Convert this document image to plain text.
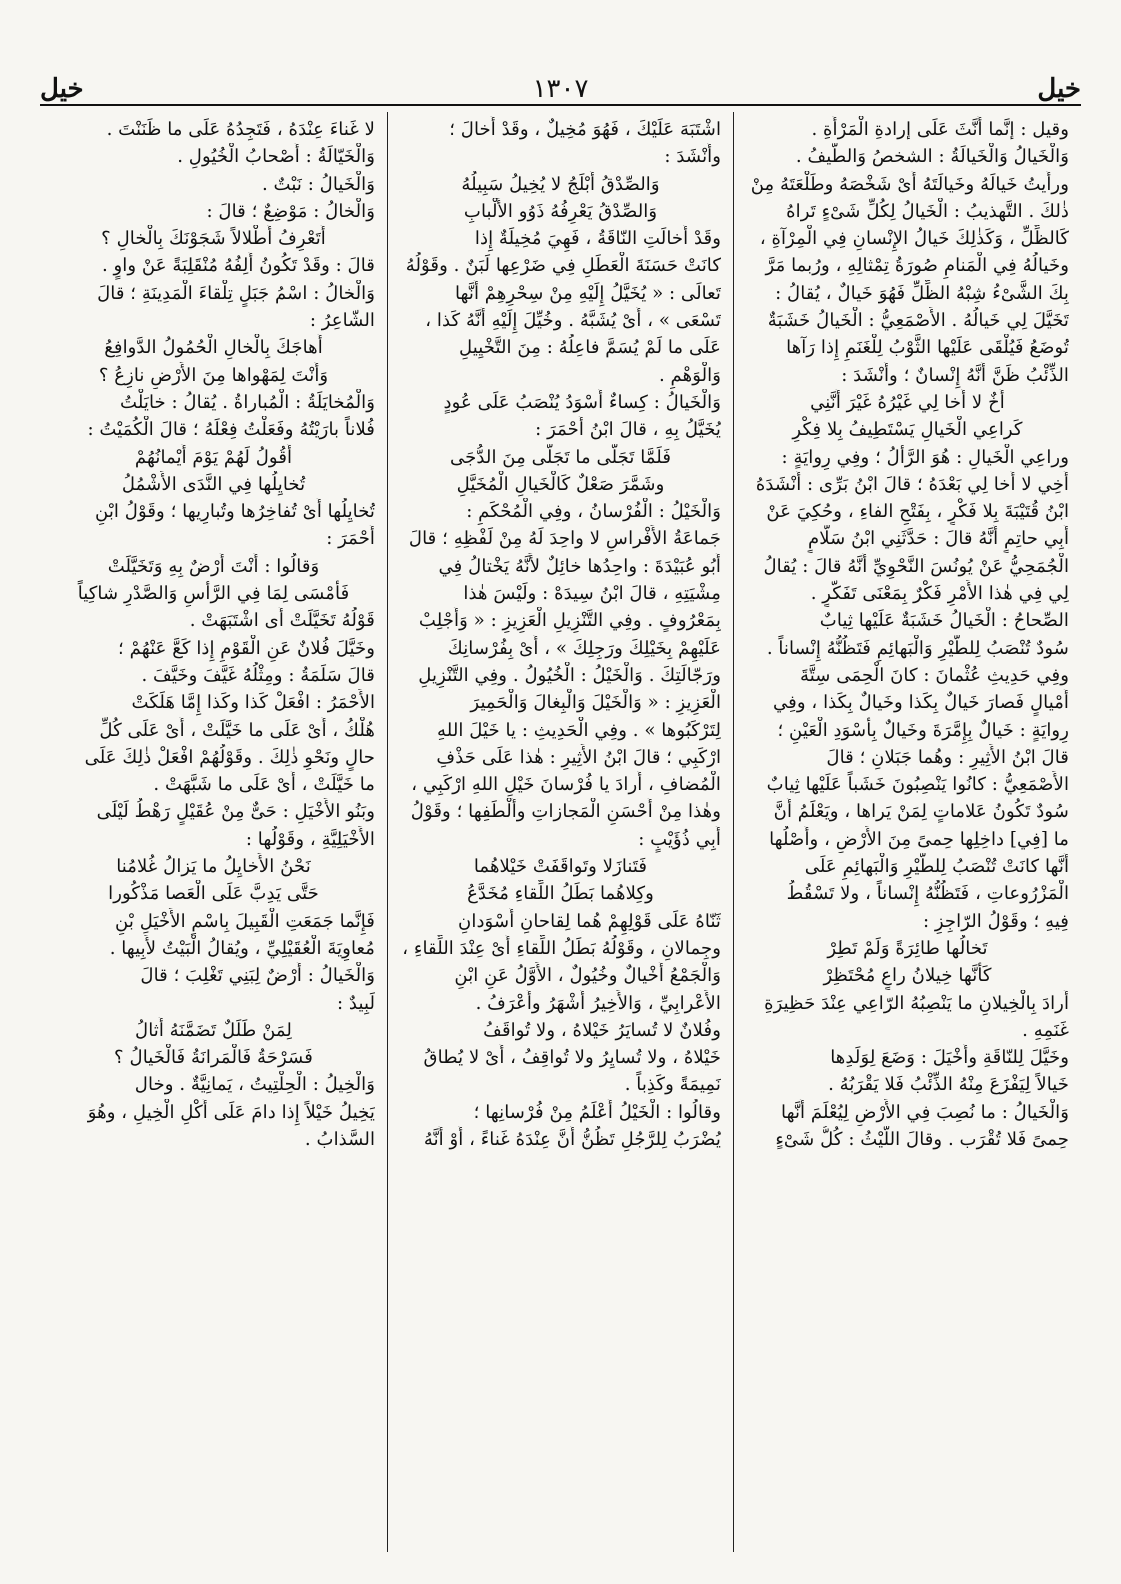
خيل
١٣٠٧
خيل
وقيل : إنَّما أَنَّثَ عَلَى إرادةِ الْمَرْأَةِ .
وَالْخَيالُ وَالْخَيالَةُ : الشخصُ وَالطَّيفُ .
ورأَيتُ خَيالَهُ وخَيالَتَهُ أَىْ شَخْصَهُ وطَلْعَتَهُ مِنْ
ذٰلكَ . التَّهذيبُ : الْخَيالُ لِكُلِّ شَىْءٍ تَراهُ
كَالظِّلِّ ، وَكَذٰلِكَ خَيالُ الإِنْسانِ فِي الْمِرْآةِ ،
وخَيالُهُ فِي الْمَنامِ صُورَةُ تِمْثالِهِ ، ورُبما مَرَّ
بِكَ الشَّىْءُ شِبْهُ الظِّلِّ فَهُوَ خَيالٌ ، يُقالُ :
تَخَيَّلَ لِي خَيالُهُ . الأَصْمَعِيُّ : الْخَيالُ خَشَبَةٌ
تُوضَعُ فَيُلْقَى عَلَيْها الثَّوْبُ لِلْغَنَمِ إِذا رَآها
الذِّئْبُ ظَنَّ أَنَّهُ إِنْسانٌ ؛ وأَنْشَدَ :
أَخٌ لا أَخا لِي غَيْرُهُ غَيْرَ أَنَّنِي
كَراعِي الْخَيالِ يَسْتَطِيفُ بِلا فِكْرِ
وراعِي الْخَيالِ : هُوَ الرَّأْلُ ؛ وفِي رِوايَةٍ :
أَخِي لا أَخا لِي بَعْدَهُ ؛ قالَ ابْنُ بَرِّى : أَنْشَدَهُ
ابْنُ قُتَيْبَةَ بِلا فَكْرٍ ، بِفَتْحِ الفاءِ ، وحُكِيَ عَنْ
أَبِي حاتِمٍ أَنَّهُ قالَ : حَدَّثَنِي ابْنُ سَلَّامٍ
الْجُمَحِيُّ عَنْ يُونُسَ النَّحْوِيِّ أَنَّهُ قالَ : يُقالُ
لِي فِي هٰذا الأَمْرِ فَكْرٌ بِمَعْنَى تَفَكُّرٍ .
الصِّحاحُ : الْخَيالُ خَشَبَةٌ عَلَيْها ثِيابٌ
سُودٌ تُنْصَبُ لِلطَّيْرِ وَالْبَهائِمِ فَتَظُنُّهُ إِنْساناً .
وفِي حَدِيثِ عُثْمانَ : كانَ الْحِمَى سِتَّةَ
أَمْيالٍ فَصارَ خَيالٌ بِكَذا وخَيالٌ بِكَذا ، وفِي
رِوايَةٍ : خَيالٌ بِإِمَّرَةَ وخَيالٌ بِأَسْوَدِ الْعَيْنِ ؛
قالَ ابْنُ الأَثِيرِ : وهُما جَبَلانِ ؛ قالَ
الأَصْمَعِيُّ : كانُوا يَنْصِبُونَ خَشَباً عَلَيْها ثِيابٌ
سُودٌ تَكُونُ عَلاماتٍ لِمَنْ يَراها ، ويَعْلَمُ أَنَّ
ما [فِي] داخِلِها حِمىً مِنَ الأَرْضِ ، وأَصْلُها
أَنَّها كانَتْ تُنْصَبُ لِلطَّيْرِ وَالْبَهائِمِ عَلَى
الْمَزْرُوعاتِ ، فَتَظُنُّهُ إِنْساناً ، ولا تَسْقُطُ
فِيهِ ؛ وقَوْلُ الرّاجِزِ :
تَخالُها طائِرَةً وَلَمْ تَطِرْ
كَأَنَّها خِيلانُ راعٍ مُحْتَظِرْ
أَرادَ بِالْخِيلانِ ما يَنْصِبُهُ الرّاعِي عِنْدَ حَظِيرَةِ
غَنَمِهِ .
وخَيَّلَ لِلنّاقَةِ وأَخْيَلَ : وَضَعَ لِوَلَدِها
خَيالاً لِيَفْزَعَ مِنْهُ الذِّئْبُ فَلا يَقْرَبُهُ .
وَالْخَيالُ : ما نُصِبَ فِي الأَرْضِ لِيُعْلَمَ أَنَّها
حِمىً فَلا تُقْرَب . وقالَ اللَّيْثُ : كُلُّ شَىْءٍ
اشْتَبَهَ عَلَيْكَ ، فَهُوَ مُخِيلٌ ، وقَدْ أَخالَ ؛
وأَنْشَدَ :
وَالصِّدْقُ أَبْلَجُ لا يُخِيلُ سَبِيلُهُ
وَالصِّدْقُ يَعْرِفُهُ ذَوُو الأَلْبابِ
وقَدْ أَخالَتِ النّاقَةُ ، فَهِيَ مُخِيلَةٌ إِذا
كانَتْ حَسَنَةَ الْعَطَلِ فِي ضَرْعِها لَبَنٌ . وقَوْلُهُ
تَعالَى : « يُخَيَّلُ إِلَيْهِ مِنْ سِحْرِهِمْ أَنَّها
تَسْعَى » ، أَىْ يُشَبَّهُ . وخُيِّلَ إِلَيْهِ أَنَّهُ كَذا ،
عَلَى ما لَمْ يُسَمَّ فاعِلُهُ : مِنَ التَّخْيِيلِ
وَالْوَهْمِ .
وَالْخَيالُ : كِساءٌ أَسْوَدُ يُنْصَبُ عَلَى عُودٍ
يُخَيَّلُ بِهِ ، قالَ ابْنُ أَحْمَرَ :
فَلَمَّا تَجَلَّى ما تَجَلَّى مِنَ الدُّجَى
وشَمَّرَ صَعْلٌ كَالْخَيالِ الْمُخَيَّلِ
وَالْخَيْلُ : الْفُرْسانُ ، وفِي الْمُحْكَمِ :
جَماعَةُ الأَفْراسِ لا واحِدَ لَهُ مِنْ لَفْظِهِ ؛ قالَ
أَبُو عُبَيْدَةَ : واحِدُها خائِلٌ لأَنَّهُ يَخْتالُ فِي
مِشْيَتِهِ ، قالَ ابْنُ سِيدَهْ : ولَيْسَ هٰذا
بِمَعْرُوفٍ . وفِي التَّنْزِيلِ الْعَزِيزِ : « وَأَجْلِبْ
عَلَيْهِمْ بِخَيْلِكَ ورَجِلِكَ » ، أَىْ بِفُرْسانِكَ
ورَجّالَتِكَ . وَالْخَيْلُ : الْخُيُولُ . وفِي التَّنْزِيلِ
الْعَزِيزِ : « وَالْخَيْلَ وَالْبِغالَ وَالْحَمِيرَ
لِتَرْكَبُوها » . وفِي الْحَدِيثِ : يا خَيْلَ اللهِ
ارْكَبِي ؛ قالَ ابْنُ الأَثِيرِ : هٰذا عَلَى حَذْفِ
الْمُضافِ ، أَرادَ يا فُرْسانَ خَيْلِ اللهِ ارْكَبِي ،
وهٰذا مِنْ أَحْسَنِ الْمَجازاتِ وأَلْطَفِها ؛ وقَوْلُ
أَبِي ذُؤَيْبٍ :
فَتَنازَلا وتَواقَفَتْ خَيْلاهُما
وكِلاهُما بَطَلُ اللِّقاءِ مُخَدَّعُ
ثَنّاهُ عَلَى قَوْلِهِمْ هُما لِقاحانِ أَسْوَدانِ
وجِمالانِ ، وقَوْلُهُ بَطَلُ اللِّقاءِ أَىْ عِنْدَ اللِّقاءِ ،
وَالْجَمْعُ أَخْيالٌ وخُيُولٌ ، الأَوَّلُ عَنِ ابْنِ
الأَعْرابِيِّ ، وَالأَخِيرُ أَشْهَرُ وأَعْرَفُ .
وفُلانٌ لا تُسايَرُ خَيْلاهُ ، ولا تُواقَفُ
خَيْلاهُ ، ولا تُسايِرُ ولا تُواقِفُ ، أَىْ لا يُطاقُ
نَمِيمَةً وكَذِباً .
وقالُوا : الْخَيْلُ أَعْلَمُ مِنْ فُرْسانِها ؛
يُضْرَبُ لِلرَّجُلِ تَظُنُّ أَنَّ عِنْدَهُ غَناءً ، أَوْ أَنَّهُ
لا غَناءَ عِنْدَهُ ، فَتَجِدُهُ عَلَى ما ظَنَنْتَ .
وَالْخَيّالَةُ : أَصْحابُ الْخُيُولِ .
وَالْخَيالُ : نَبْتٌ .
وَالْخالُ : مَوْضِعٌ ؛ قالَ :
أَتَعْرِفُ أَطْلالاً شَجَوْنَكَ بِالْخالِ ؟
قالَ : وقَدْ تَكُونُ أَلِفُهُ مُنْقَلِبَةً عَنْ واوٍ .
وَالْخالُ : اسْمُ جَبَلٍ تِلْقاءَ الْمَدِينَةِ ؛ قالَ
الشّاعِرُ :
أَهاجَكَ بِالْخالِ الْحُمُولُ الدَّوافِعُ
وَأَنْتَ لِمَهْواها مِنَ الأَرْضِ نازِعُ ؟
وَالْمُخايَلَةُ : الْمُباراةُ . يُقالُ : خايَلْتُ
فُلاناً بارَيْتُهُ وفَعَلْتُ فِعْلَهُ ؛ قالَ الْكُمَيْتُ :
أَقُولُ لَهُمْ يَوْمَ أَيْمانُهُمْ
تُخايِلُها فِي النَّدَى الأَشْمُلُ
تُخايِلُها أَىْ تُفاخِرُها وتُبارِيها ؛ وقَوْلُ ابْنِ
أَحْمَرَ :
وَقالُوا : أَنْتَ أَرْضٌ بِهِ وَتَخَيَّلَتْ
فَأَمْسَى لِمَا فِي الرَّأْسِ وَالصَّدْرِ شاكِياً
قَوْلُهُ تَخَيَّلَتْ أَى اشْتَبَهَتْ .
وخَيَّلَ فُلانٌ عَنِ الْقَوْمِ إِذا كَعَّ عَنْهُمْ ؛
قالَ سَلَمَةُ : ومِثْلُهُ غَيَّفَ وخَيَّفَ .
الأَحْمَرُ : افْعَلْ كَذا وكَذا إِمَّا هَلَكَتْ
هُلْكُ ، أَىْ عَلَى ما خَيَّلَتْ ، أَىْ عَلَى كُلِّ
حالٍ ونَحْوِ ذٰلِكَ . وقَوْلُهُمْ افْعَلْ ذٰلِكَ عَلَى
ما خَيَّلَتْ ، أَىْ عَلَى ما شَبَّهَتْ .
وبَنُو الأَخْيَلِ : حَىٌّ مِنْ عُقَيْلٍ رَهْطُ لَيْلَى
الأَخْيَلِيَّةِ ، وقَوْلُها :
نَحْنُ الأَخايِلُ ما يَزالُ غُلامُنا
حَتَّى يَدِبَّ عَلَى الْعَصا مَذْكُورا
فَإِنَّما جَمَعَتِ الْقَبِيلَ بِاسْمِ الأَخْيَلِ بْنِ
مُعاوِيَةَ الْعُقَيْلِيِّ ، ويُقالُ الْبَيْتُ لأَبِيها .
وَالْخَيالُ : أَرْضٌ لِبَنِي تَغْلِبَ ؛ قالَ
لَبِيدٌ :
لِمَنْ طَلَلٌ تَضَمَّنَهُ أُثالُ
فَسَرْحَةُ فَالْمَرانَةُ فَالْخَيالُ ؟
وَالْخِيلُ : الْحِلْتِيتُ ، يَمانِيَّةٌ . وخال
يَخِيلُ خَيْلاً إِذا دامَ عَلَى أَكْلِ الْخِيلِ ، وهُوَ
السَّذابُ .
